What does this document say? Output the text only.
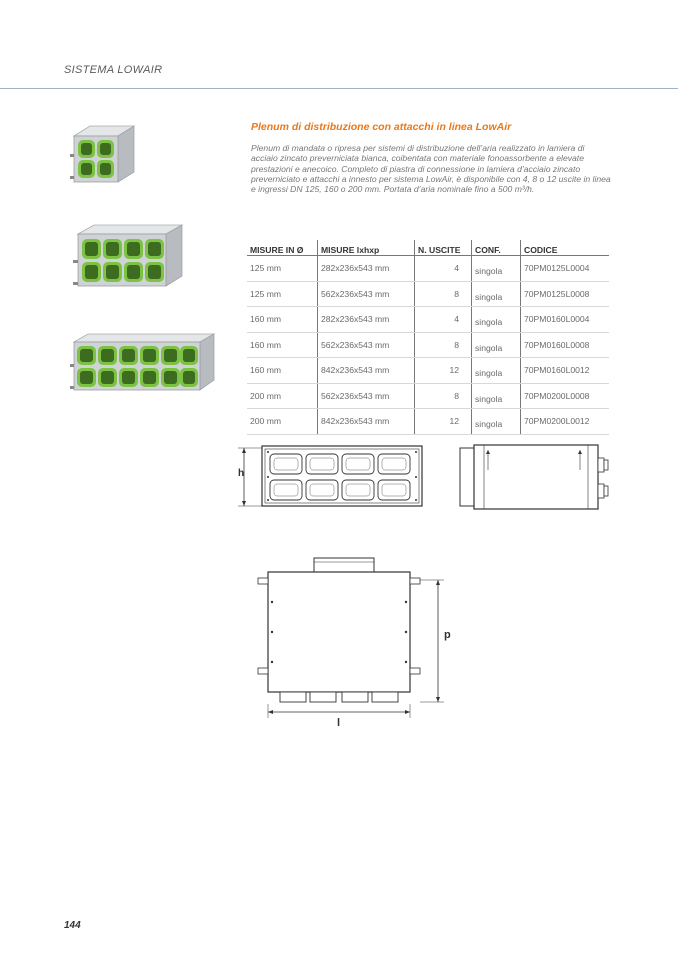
SISTEMA LOWAIR
Plenum di distribuzione con attacchi in linea LowAir
Plenum di mandata o ripresa per sistemi di distribuzione dell’aria realizzato in lamiera di acciaio zincato preverniciata bianca, coibentata con materiale fonoassorbente a elevate prestazioni e anecoico. Completo di piastra di connessione in lamiera d’acciaio zincato preverniciato e attacchi a innesto per sistema LowAir, è disponibile con 4, 8 o 12 uscite in linea e ingressi DN 125, 160 o 200 mm. Portata d’aria nominale fino a 500 m³/h.
MISURE IN Ø	MISURE lxhxp	N. USCITE	CONF.	CODICE
125 mm	282x236x543 mm	4	singola	70PM0125L0004
125 mm	562x236x543 mm	8	singola	70PM0125L0008
160 mm	282x236x543 mm	4	singola	70PM0160L0004
160 mm	562x236x543 mm	8	singola	70PM0160L0008
160 mm	842x236x543 mm	12	singola	70PM0160L0012
200 mm	562x236x543 mm	8	singola	70PM0200L0008
200 mm	842x236x543 mm	12	singola	70PM0200L0012
h
p
l
144
